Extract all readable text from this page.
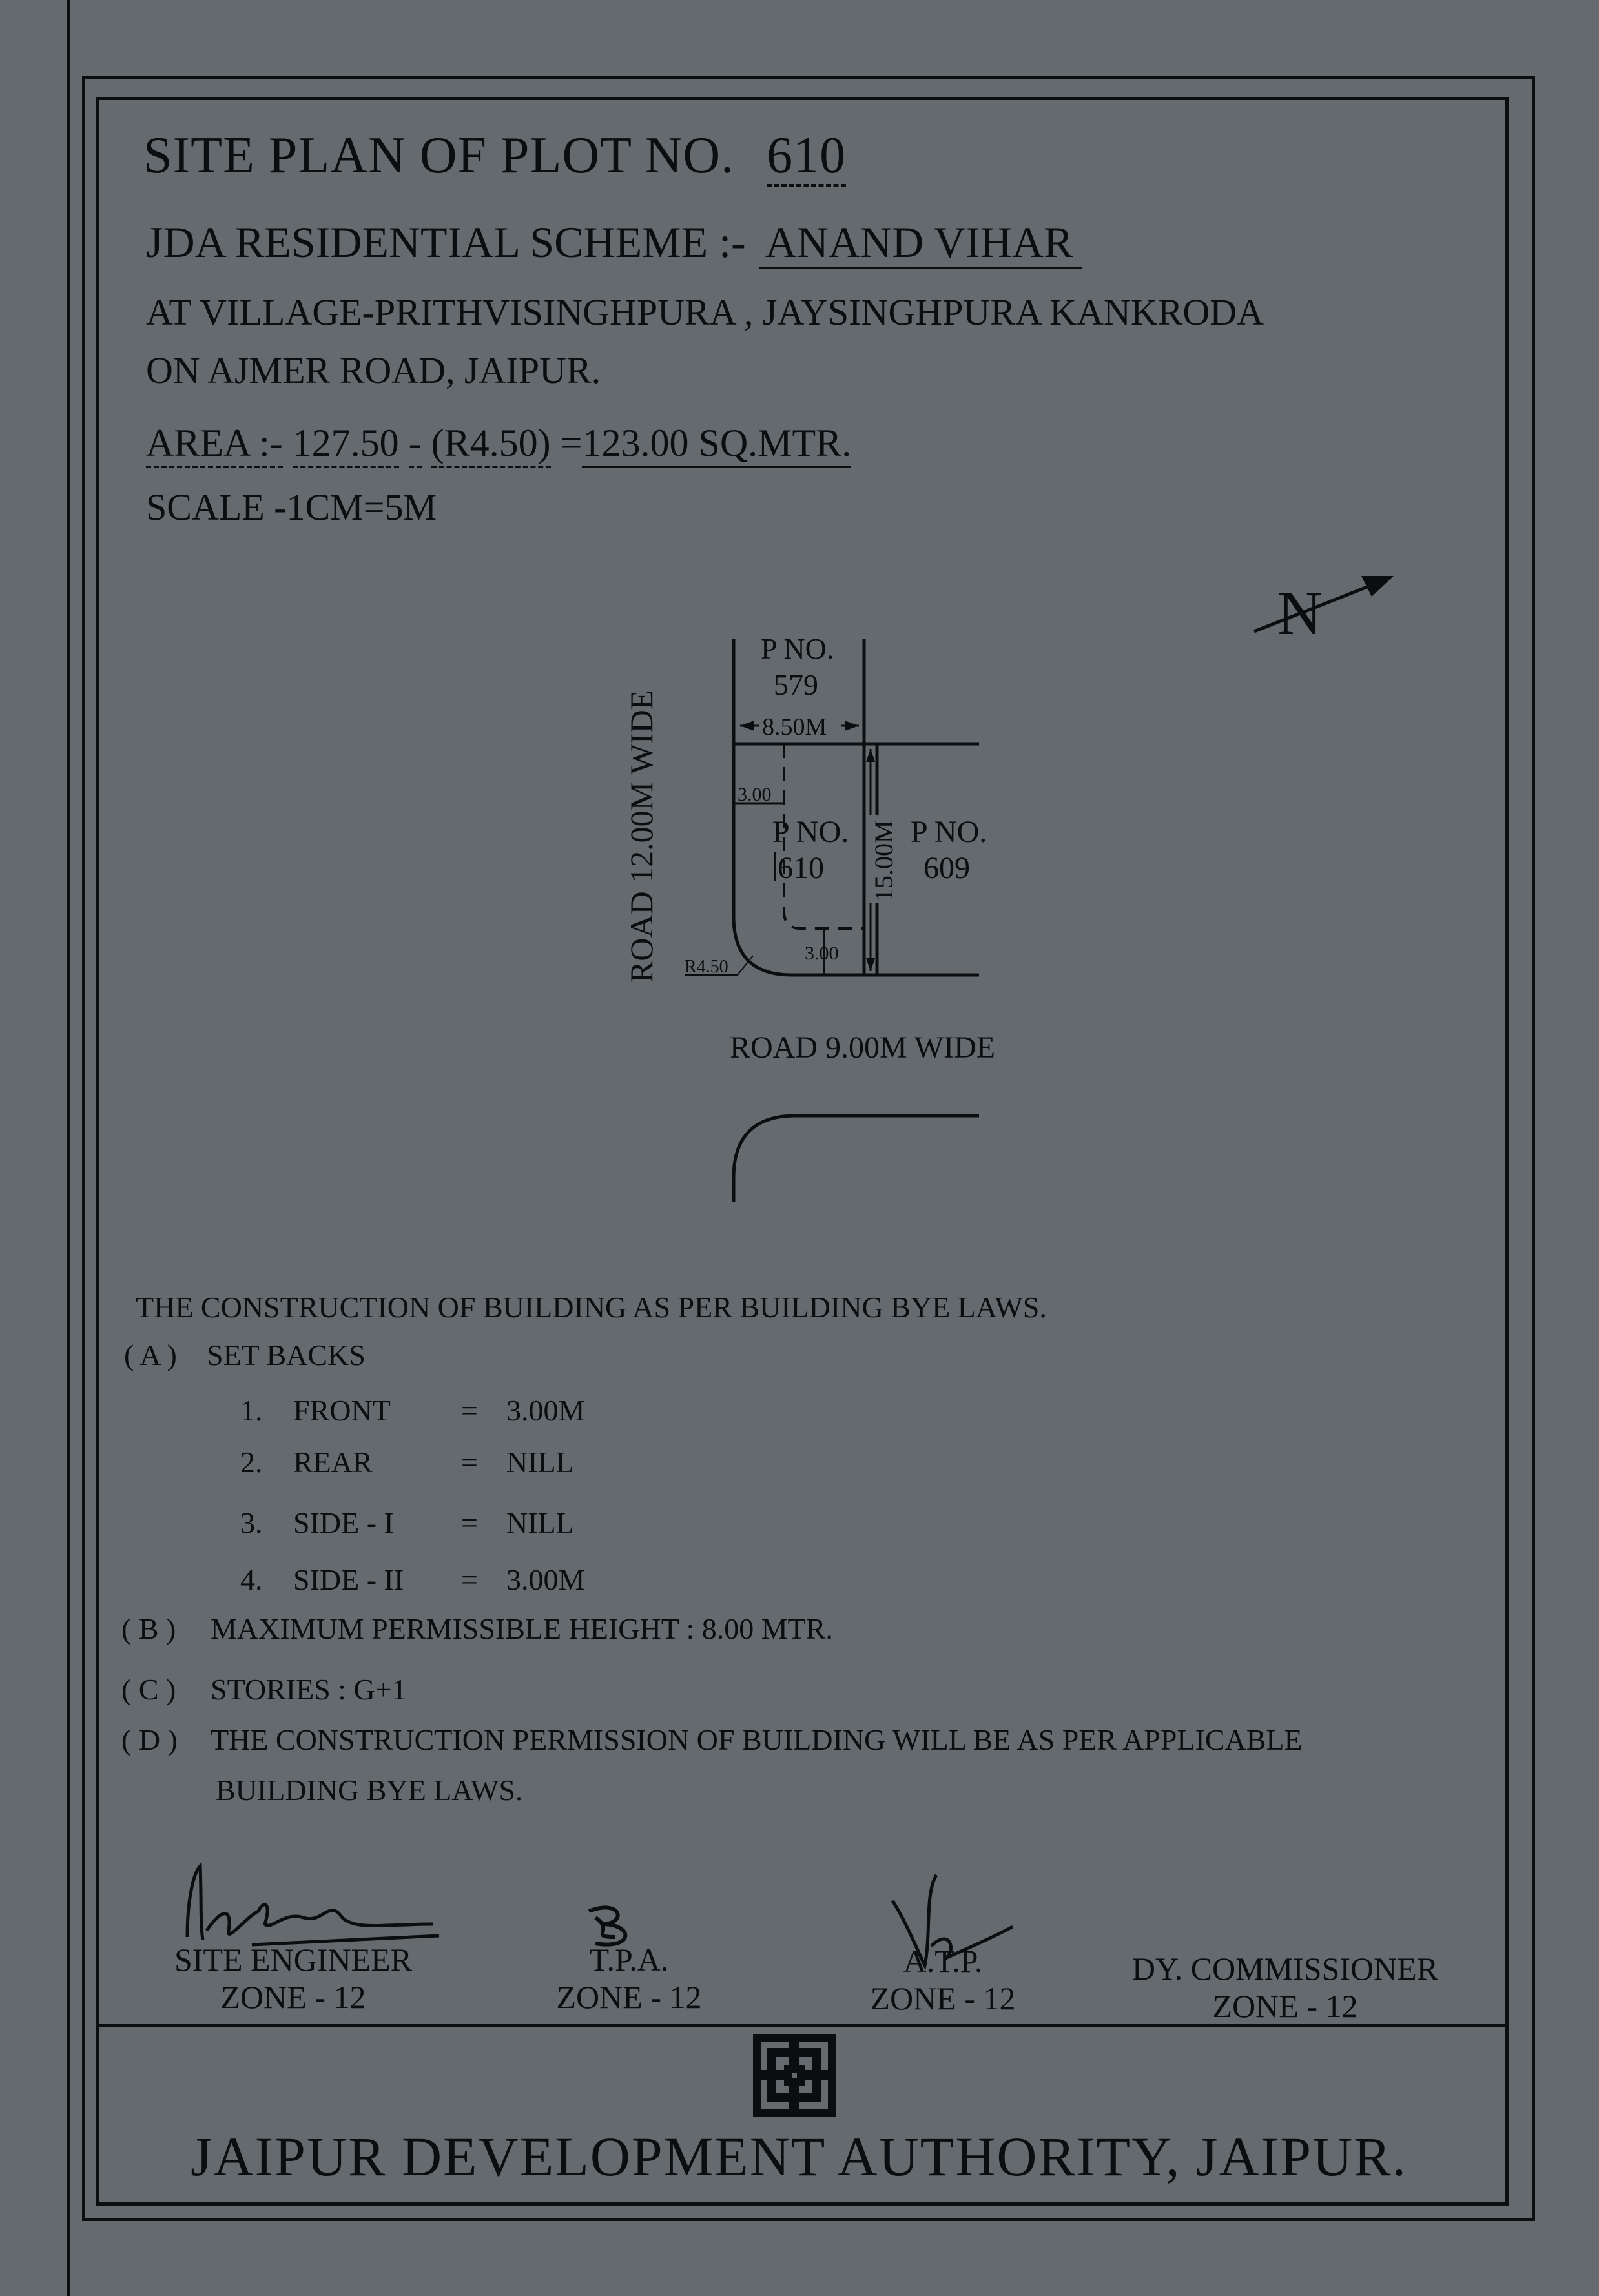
SITE PLAN OF PLOT NO. 610
JDA RESIDENTIAL SCHEME :- ANAND VIHAR
AT VILLAGE-PRITHVISINGHPURA , JAYSINGHPURA KANKRODA
ON AJMER ROAD, JAIPUR.
AREA :- 127.50 - (R4.50) =123.00 SQ.MTR.
SCALE -1CM=5M
N
P NO.
579
8.50M
3.00
3.00
15.00M
P NO.
610
P NO.
609
R4.50
ROAD 12.00M WIDE
ROAD 9.00M WIDE
THE CONSTRUCTION OF BUILDING AS PER BUILDING BYE LAWS.
( A ) SET BACKS
1. FRONT = 3.00M
2. REAR	= NILL
3. SIDE - I = NILL
4. SIDE - II = 3.00M
( B ) MAXIMUM PERMISSIBLE HEIGHT : 8.00 MTR.
( C ) STORIES : G+1
( D ) THE CONSTRUCTION PERMISSION OF BUILDING WILL BE AS PER APPLICABLE
BUILDING BYE LAWS.
SITE ENGINEER
ZONE - 12
T.P.A.
ZONE - 12
A.T.P.
ZONE - 12
DY. COMMISSIONER
ZONE - 12
JAIPUR DEVELOPMENT AUTHORITY, JAIPUR.
